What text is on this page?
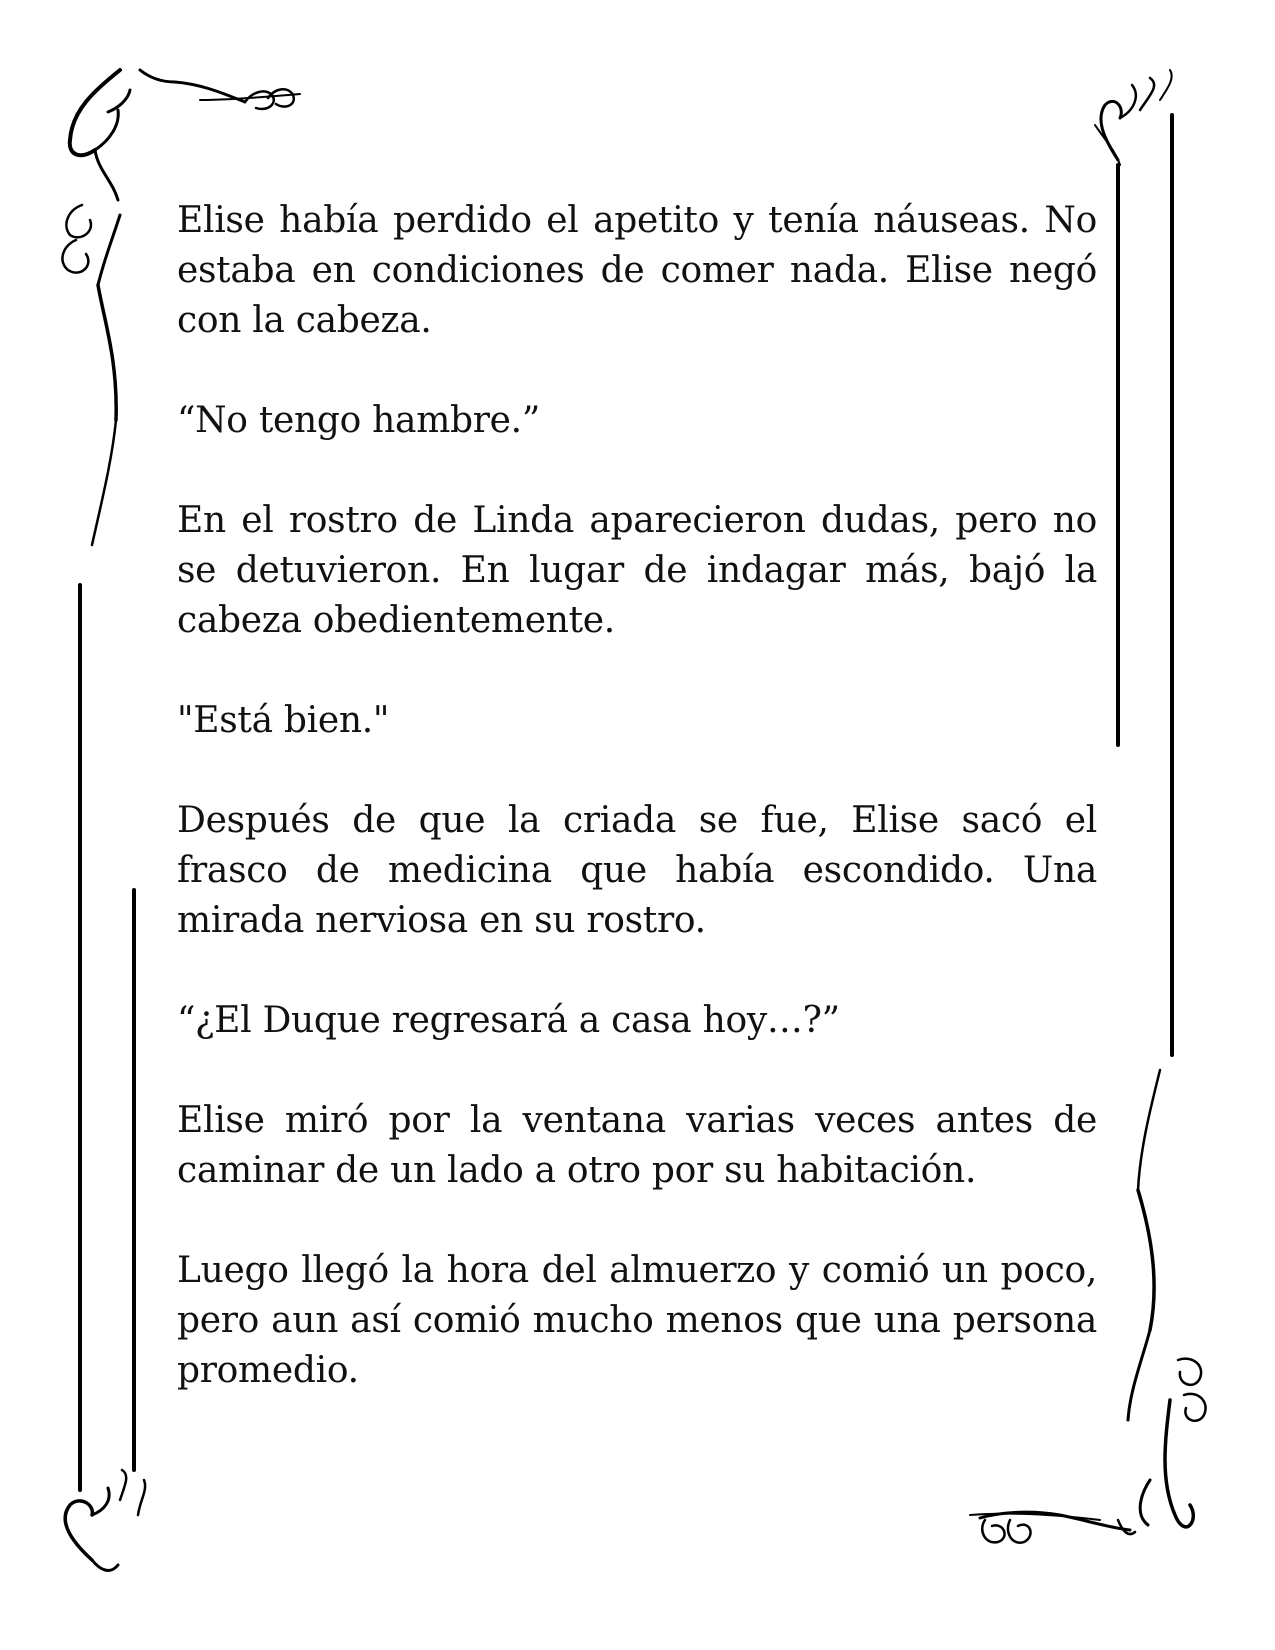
Elise había perdido el apetito y tenía náuseas. No estaba en condiciones de comer nada. Elise negó con la cabeza.

“No tengo hambre.”

En el rostro de Linda aparecieron dudas, pero no se detuvieron. En lugar de indagar más, bajó la cabeza obedientemente.

"Está bien."

Después de que la criada se fue, Elise sacó el frasco de medicina que había escondido. Una mirada nerviosa en su rostro.

“¿El Duque regresará a casa hoy…?”

Elise miró por la ventana varias veces antes de caminar de un lado a otro por su habitación.

Luego llegó la hora del almuerzo y comió un poco, pero aun así comió mucho menos que una persona promedio.
